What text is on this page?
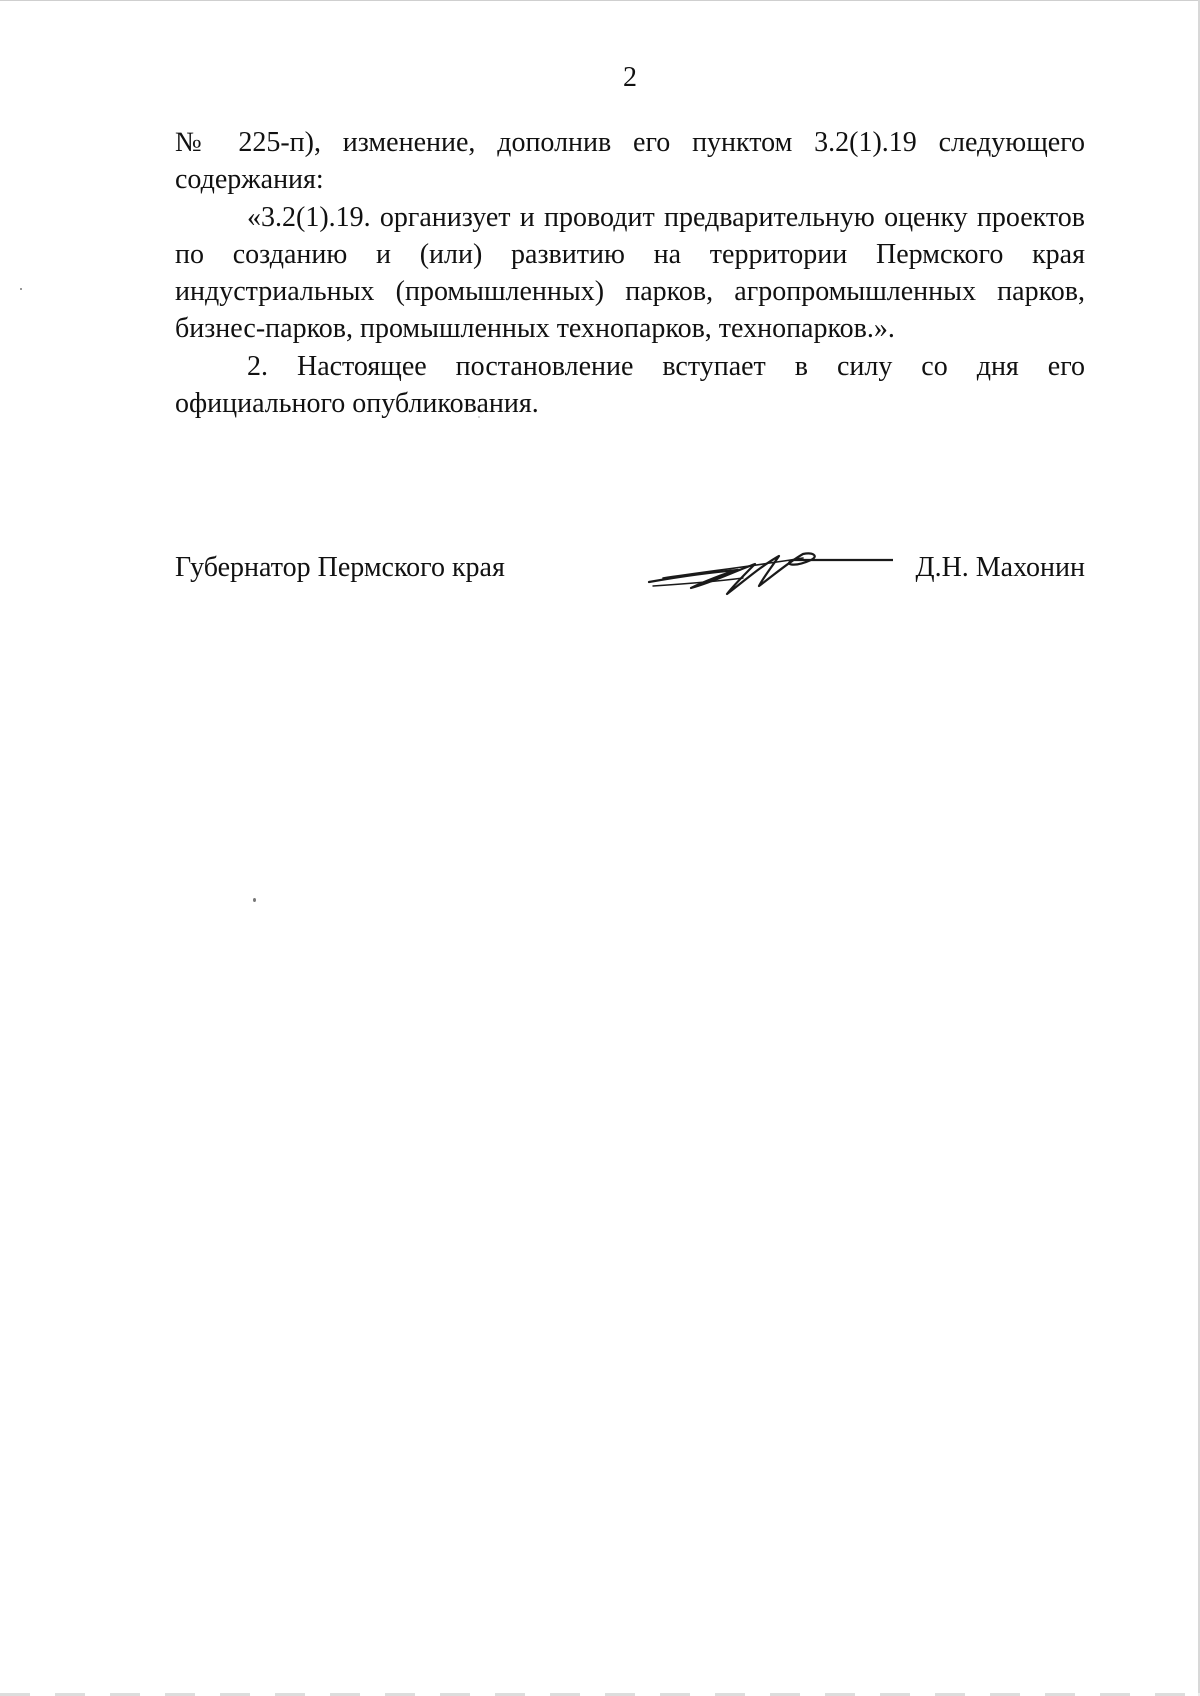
2

№ 225-п), изменение, дополнив его пунктом 3.2(1).19 следующего содержания:

«3.2(1).19. организует и проводит предварительную оценку проектов по созданию и (или) развитию на территории Пермского края индустриальных (промышленных) парков, агропромышленных парков, бизнес-парков, промышленных технопарков, технопарков.».

2. Настоящее постановление вступает в силу со дня его официального опубликования.

Губернатор Пермского края	Д.Н. Махонин
